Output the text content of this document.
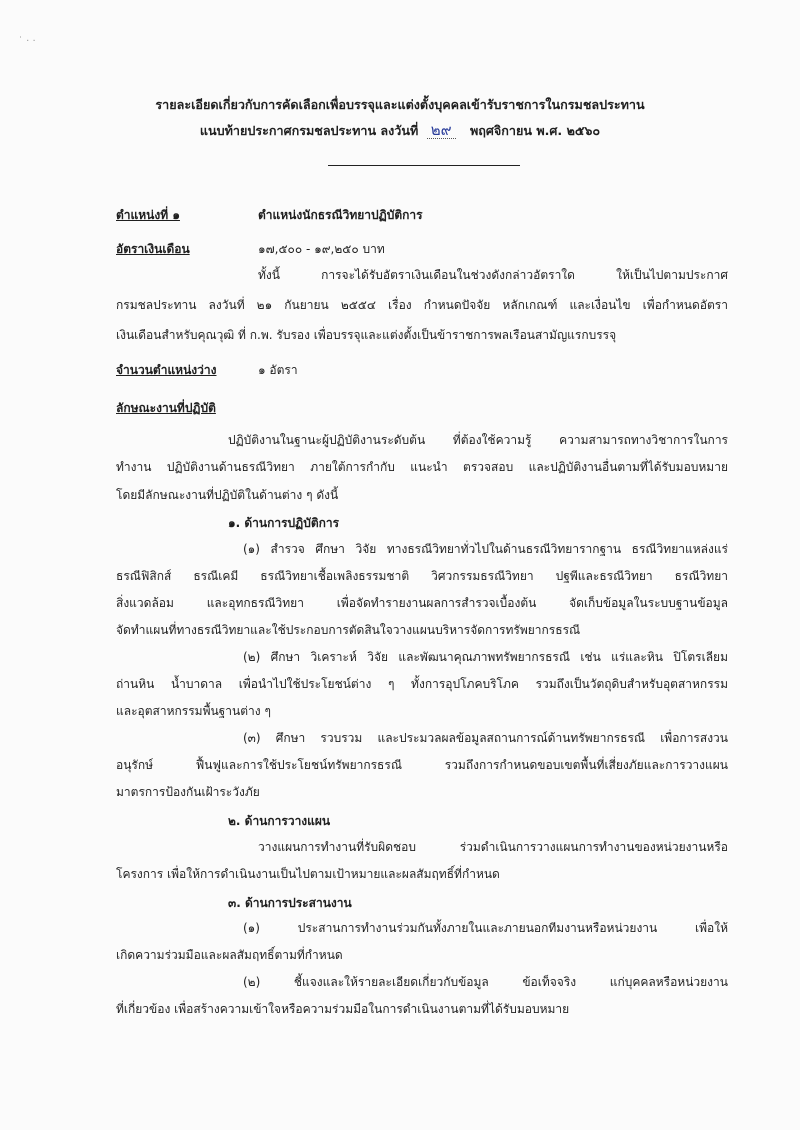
˙ · ·
รายละเอียดเกี่ยวกับการคัดเลือกเพื่อบรรจุและแต่งตั้งบุคคลเข้ารับราชการในกรมชลประทาน
แนบท้ายประกาศกรมชลประทาน ลงวันที่ ๒๙ พฤศจิกายน พ.ศ. ๒๕๖๐
ตำแหน่งที่ ๑	ตำแหน่งนักธรณีวิทยาปฏิบัติการ
อัตราเงินเดือน	๑๗,๕๐๐ - ๑๙,๒๕๐ บาท
ทั้งนี้ การจะได้รับอัตราเงินเดือนในช่วงดังกล่าวอัตราใด ให้เป็นไปตามประกาศ
กรมชลประทาน ลงวันที่ ๒๑ กันยายน ๒๕๕๔ เรื่อง กำหนดปัจจัย หลักเกณฑ์ และเงื่อนไข เพื่อกำหนดอัตรา
เงินเดือนสำหรับคุณวุฒิ ที่ ก.พ. รับรอง เพื่อบรรจุและแต่งตั้งเป็นข้าราชการพลเรือนสามัญแรกบรรจุ
จำนวนตำแหน่งว่าง	๑ อัตรา
ลักษณะงานที่ปฏิบัติ
ปฏิบัติงานในฐานะผู้ปฏิบัติงานระดับต้น ที่ต้องใช้ความรู้ ความสามารถทางวิชาการในการ
ทำงาน ปฏิบัติงานด้านธรณีวิทยา ภายใต้การกำกับ แนะนำ ตรวจสอบ และปฏิบัติงานอื่นตามที่ได้รับมอบหมาย
โดยมีลักษณะงานที่ปฏิบัติในด้านต่าง ๆ ดังนี้
๑. ด้านการปฏิบัติการ
(๑) สำรวจ ศึกษา วิจัย ทางธรณีวิทยาทั่วไปในด้านธรณีวิทยารากฐาน ธรณีวิทยาแหล่งแร่
ธรณีฟิสิกส์ ธรณีเคมี ธรณีวิทยาเชื้อเพลิงธรรมชาติ วิศวกรรมธรณีวิทยา ปฐพีและธรณีวิทยา ธรณีวิทยา
สิ่งแวดล้อม และอุทกธรณีวิทยา เพื่อจัดทำรายงานผลการสำรวจเบื้องต้น จัดเก็บข้อมูลในระบบฐานข้อมูล
จัดทำแผนที่ทางธรณีวิทยาและใช้ประกอบการตัดสินใจวางแผนบริหารจัดการทรัพยากรธรณี
(๒) ศึกษา วิเคราะห์ วิจัย และพัฒนาคุณภาพทรัพยากรธรณี เช่น แร่และหิน ปิโตรเลียม
ถ่านหิน น้ำบาดาล เพื่อนำไปใช้ประโยชน์ต่าง ๆ ทั้งการอุปโภคบริโภค รวมถึงเป็นวัตถุดิบสำหรับอุตสาหกรรม
และอุตสาหกรรมพื้นฐานต่าง ๆ
(๓) ศึกษา รวบรวม และประมวลผลข้อมูลสถานการณ์ด้านทรัพยากรธรณี เพื่อการสงวน
อนุรักษ์ ฟื้นฟูและการใช้ประโยชน์ทรัพยากรธรณี รวมถึงการกำหนดขอบเขตพื้นที่เสี่ยงภัยและการวางแผน
มาตรการป้องกันเฝ้าระวังภัย
๒. ด้านการวางแผน
วางแผนการทำงานที่รับผิดชอบ ร่วมดำเนินการวางแผนการทำงานของหน่วยงานหรือ
โครงการ เพื่อให้การดำเนินงานเป็นไปตามเป้าหมายและผลสัมฤทธิ์ที่กำหนด
๓. ด้านการประสานงาน
(๑) ประสานการทำงานร่วมกันทั้งภายในและภายนอกทีมงานหรือหน่วยงาน เพื่อให้
เกิดความร่วมมือและผลสัมฤทธิ์ตามที่กำหนด
(๒) ชี้แจงและให้รายละเอียดเกี่ยวกับข้อมูล ข้อเท็จจริง แก่บุคคลหรือหน่วยงาน
ที่เกี่ยวข้อง เพื่อสร้างความเข้าใจหรือความร่วมมือในการดำเนินงานตามที่ได้รับมอบหมาย
